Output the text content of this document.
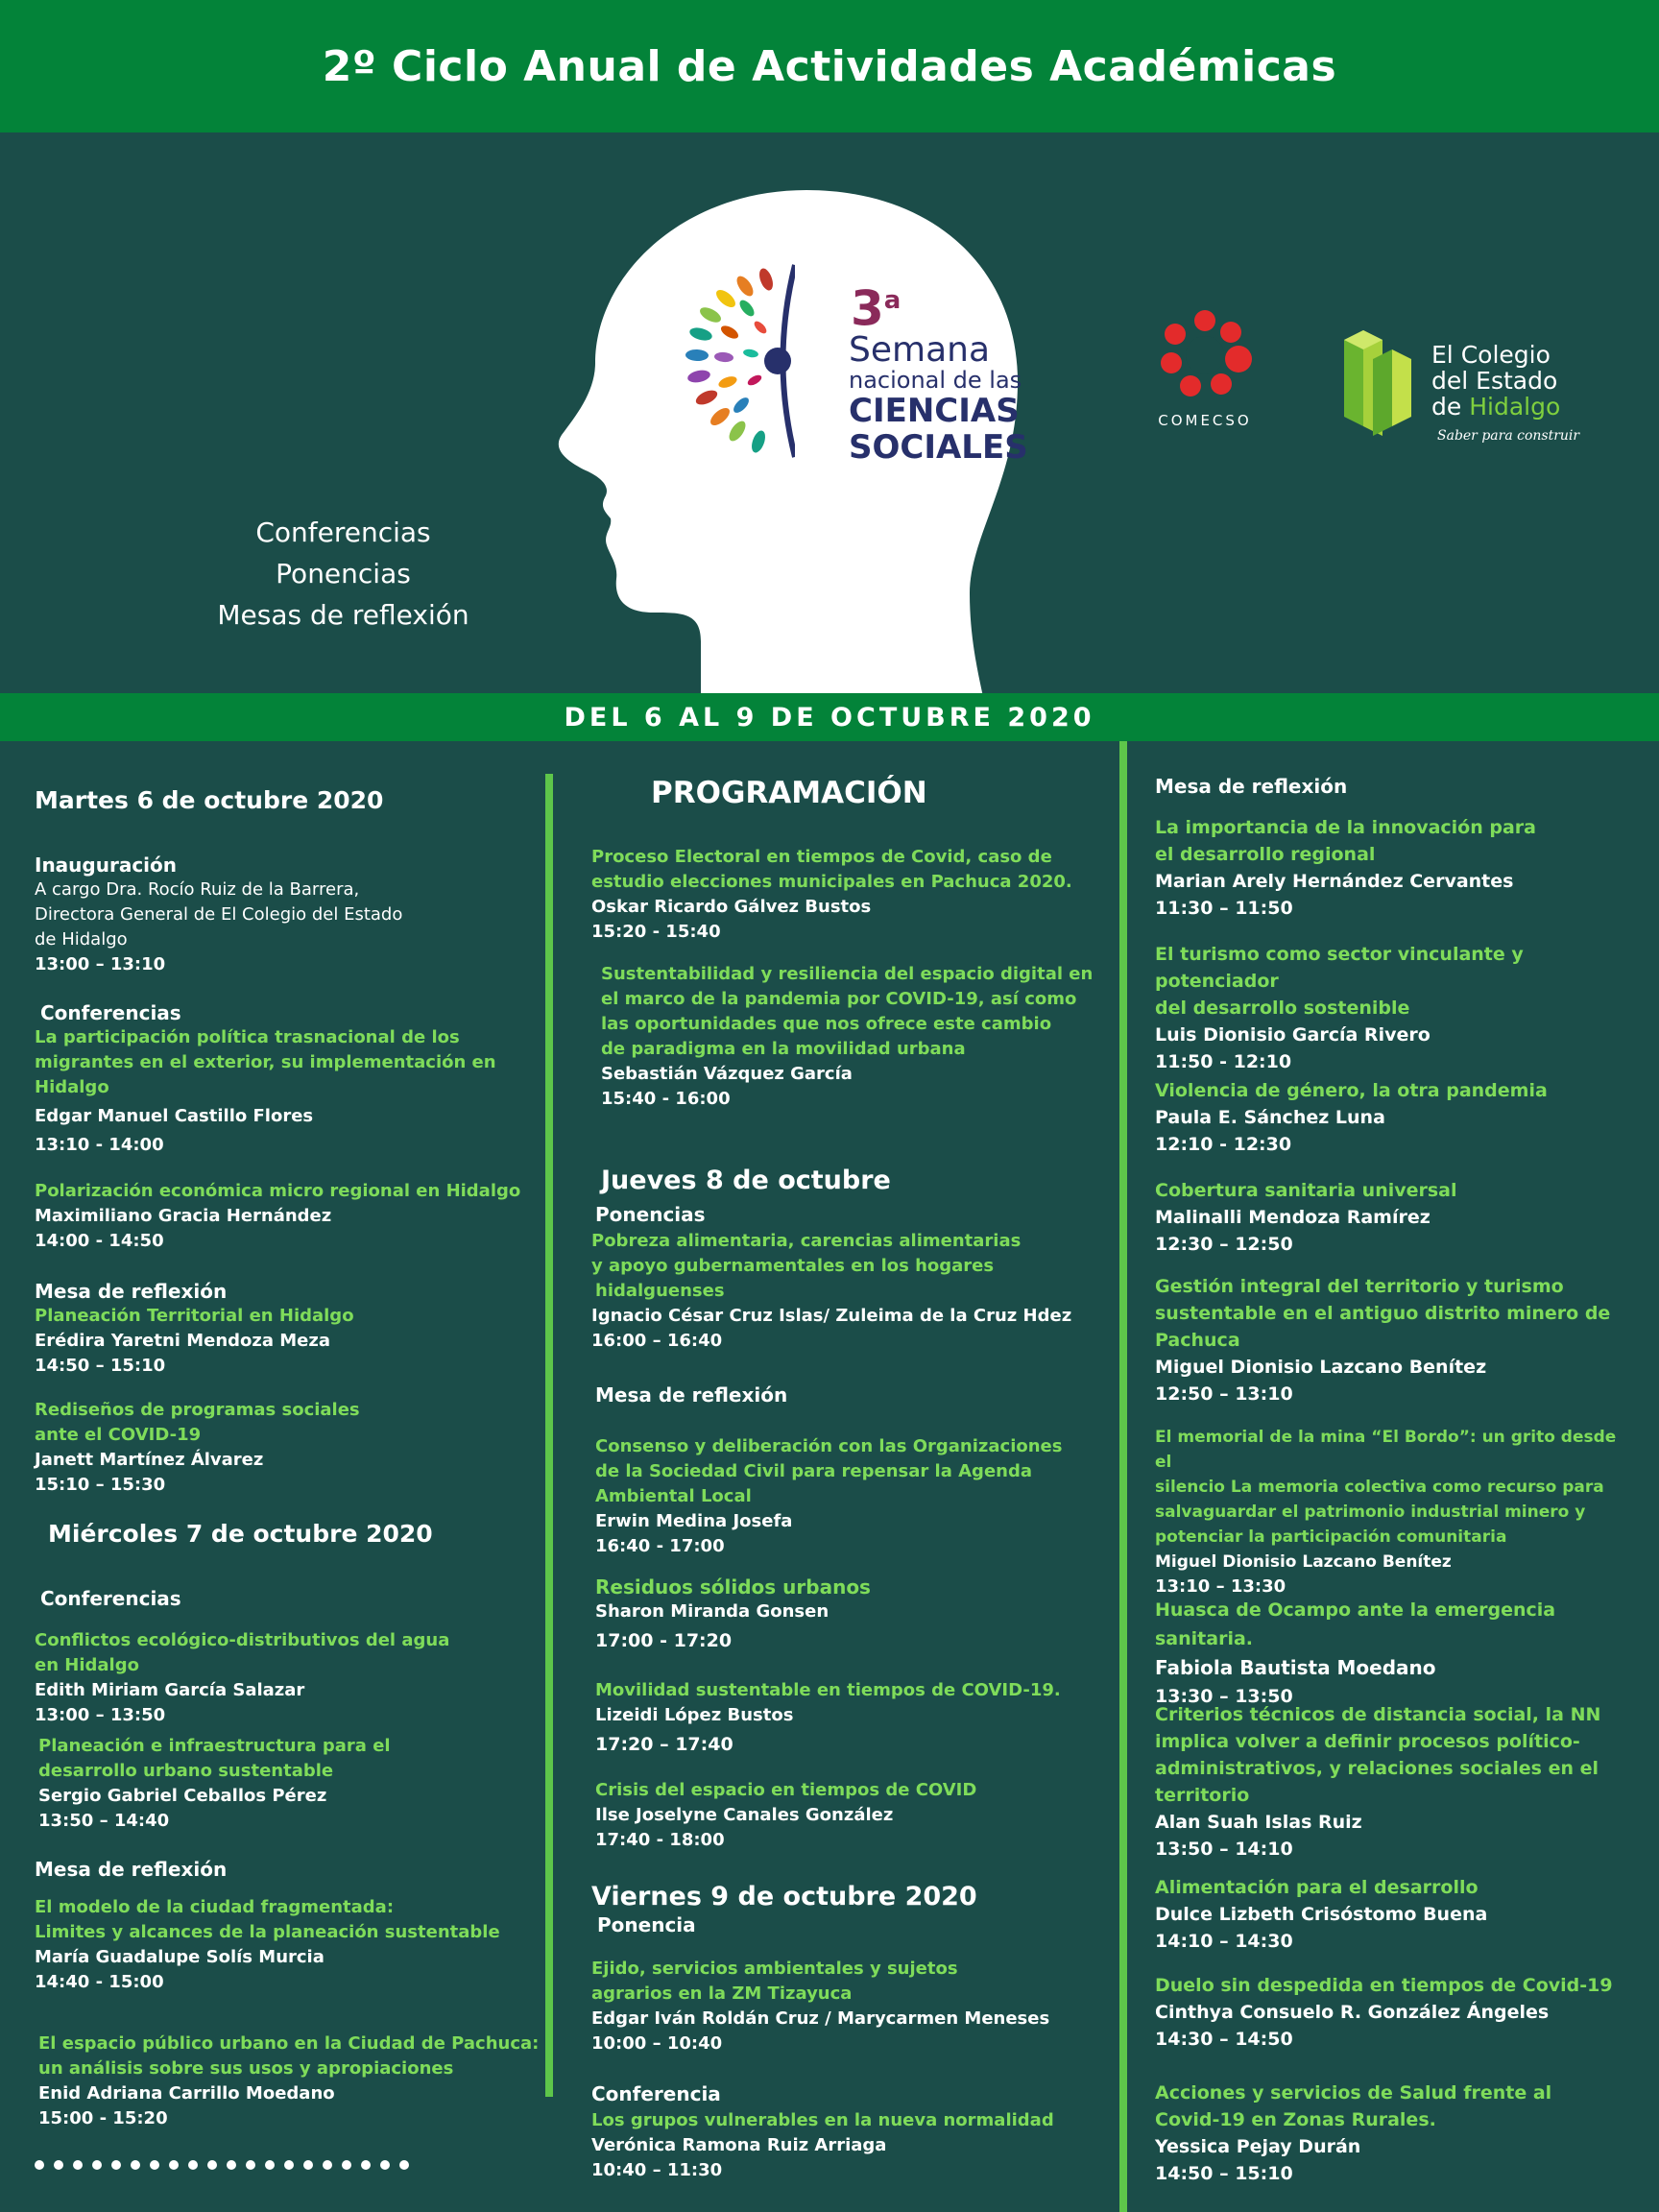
2º Ciclo Anual de Actividades Académicas
3$^a$
Semana
nacional de las
CIENCIAS
SOCIALES
Conferencias
Ponencias
Mesas de reflexión
COMECSO
El Colegio
del Estado
de Hidalgo
Saber para construir
DEL 6 AL 9 DE OCTUBRE 2020
Martes 6 de octubre 2020
Inauguración
A cargo Dra. Rocío Ruiz de la Barrera,
Directora General de El Colegio del Estado
de Hidalgo
13:00 – 13:10
Conferencias
La participación política trasnacional de los
migrantes en el exterior, su implementación en
Hidalgo
Edgar Manuel Castillo Flores
13:10 - 14:00
Polarización económica micro regional en Hidalgo
Maximiliano Gracia Hernández
14:00 - 14:50
Mesa de reflexión
Planeación Territorial en Hidalgo
Erédira Yaretni Mendoza Meza
14:50 – 15:10
Rediseños de programas sociales
ante el COVID-19
Janett Martínez Álvarez
15:10 – 15:30
Miércoles 7 de octubre 2020
Conferencias
Conflictos ecológico-distributivos del agua
en Hidalgo
Edith Miriam García Salazar
13:00 – 13:50
Planeación e infraestructura para el
desarrollo urbano sustentable
Sergio Gabriel Ceballos Pérez
13:50 – 14:40
Mesa de reflexión
El modelo de la ciudad fragmentada:
Limites y alcances de la planeación sustentable
María Guadalupe Solís Murcia
14:40 - 15:00
El espacio público urbano en la Ciudad de Pachuca:
un análisis sobre sus usos y apropiaciones
Enid Adriana Carrillo Moedano
15:00 - 15:20
PROGRAMACIÓN
Proceso Electoral en tiempos de Covid, caso de
estudio elecciones municipales en Pachuca 2020.
Oskar Ricardo Gálvez Bustos
15:20 - 15:40
Sustentabilidad y resiliencia del espacio digital en
el marco de la pandemia por COVID-19, así como
las oportunidades que nos ofrece este cambio
de paradigma en la movilidad urbana
Sebastián Vázquez García
15:40 - 16:00
Jueves 8 de octubre
Ponencias
Pobreza alimentaria, carencias alimentarias
y apoyo gubernamentales en los hogares
hidalguenses
Ignacio César Cruz Islas/ Zuleima de la Cruz Hdez
16:00 – 16:40
Mesa de reflexión
Consenso y deliberación con las Organizaciones
de la Sociedad Civil para repensar la Agenda
Ambiental Local
Erwin Medina Josefa
16:40 - 17:00
Residuos sólidos urbanos
Sharon Miranda Gonsen
17:00 - 17:20
Movilidad sustentable en tiempos de COVID-19.
Lizeidi López Bustos
17:20 – 17:40
Crisis del espacio en tiempos de COVID
Ilse Joselyne Canales González
17:40 - 18:00
Viernes 9 de octubre 2020
Ponencia
Ejido, servicios ambientales y sujetos
agrarios en la ZM Tizayuca
Edgar Iván Roldán Cruz / Marycarmen Meneses
10:00 – 10:40
Conferencia
Los grupos vulnerables en la nueva normalidad
Verónica Ramona Ruiz Arriaga
10:40 – 11:30
Mesa de reflexión
La importancia de la innovación para
el desarrollo regional
Marian Arely Hernández Cervantes
11:30 – 11:50
El turismo como sector vinculante y potenciador
del desarrollo sostenible
Luis Dionisio García Rivero
11:50 - 12:10
Violencia de género, la otra pandemia
Paula E. Sánchez Luna
12:10 - 12:30
Cobertura sanitaria universal
Malinalli Mendoza Ramírez
12:30 – 12:50
Gestión integral del territorio y turismo
sustentable en el antiguo distrito minero de
Pachuca
Miguel Dionisio Lazcano Benítez
12:50 – 13:10
El memorial de la mina “El Bordo”: un grito desde el
silencio La memoria colectiva como recurso para
salvaguardar el patrimonio industrial minero y
potenciar la participación comunitaria
Miguel Dionisio Lazcano Benítez
13:10 – 13:30
Huasca de Ocampo ante la emergencia sanitaria.
Fabiola Bautista Moedano
13:30 – 13:50
Criterios técnicos de distancia social, la NN
implica volver a definir procesos político-
administrativos, y relaciones sociales en el
territorio
Alan Suah Islas Ruiz
13:50 – 14:10
Alimentación para el desarrollo
Dulce Lizbeth Crisóstomo Buena
14:10 – 14:30
Duelo sin despedida en tiempos de Covid-19
Cinthya Consuelo R. González Ángeles
14:30 – 14:50
Acciones y servicios de Salud frente al
Covid-19 en Zonas Rurales.
Yessica Pejay Durán
14:50 – 15:10
